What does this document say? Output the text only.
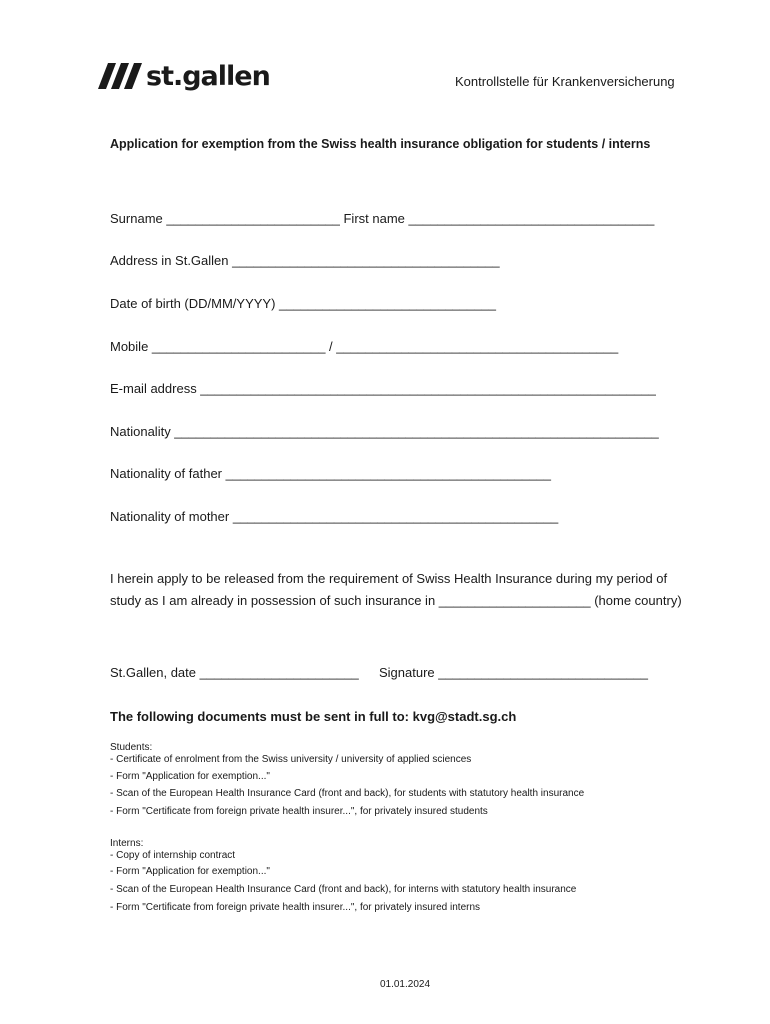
st.gallen	Kontrollstelle für Krankenversicherung
Application for exemption from the Swiss health insurance obligation for students / interns
Surname ________________________ First name __________________________________
Address in St.Gallen _____________________________________
Date of birth (DD/MM/YYYY) ______________________________
Mobile ________________________ / _______________________________________
E-mail address _______________________________________________________________
Nationality ___________________________________________________________________
Nationality of father _____________________________________________
Nationality of mother _____________________________________________
I herein apply to be released from the requirement of Swiss Health Insurance during my period of
study as I am already in possession of such insurance in _____________________ (home country)
St.Gallen, date ______________________ Signature _____________________________
The following documents must be sent in full to: kvg@stadt.sg.ch
Students:
- Certificate of enrolment from the Swiss university / university of applied sciences
- Form "Application for exemption..."
- Scan of the European Health Insurance Card (front and back), for students with statutory health insurance
- Form "Certificate from foreign private health insurer...", for privately insured students
Interns:
- Copy of internship contract
- Form "Application for exemption..."
- Scan of the European Health Insurance Card (front and back), for interns with statutory health insurance
- Form "Certificate from foreign private health insurer...", for privately insured interns
01.01.2024
